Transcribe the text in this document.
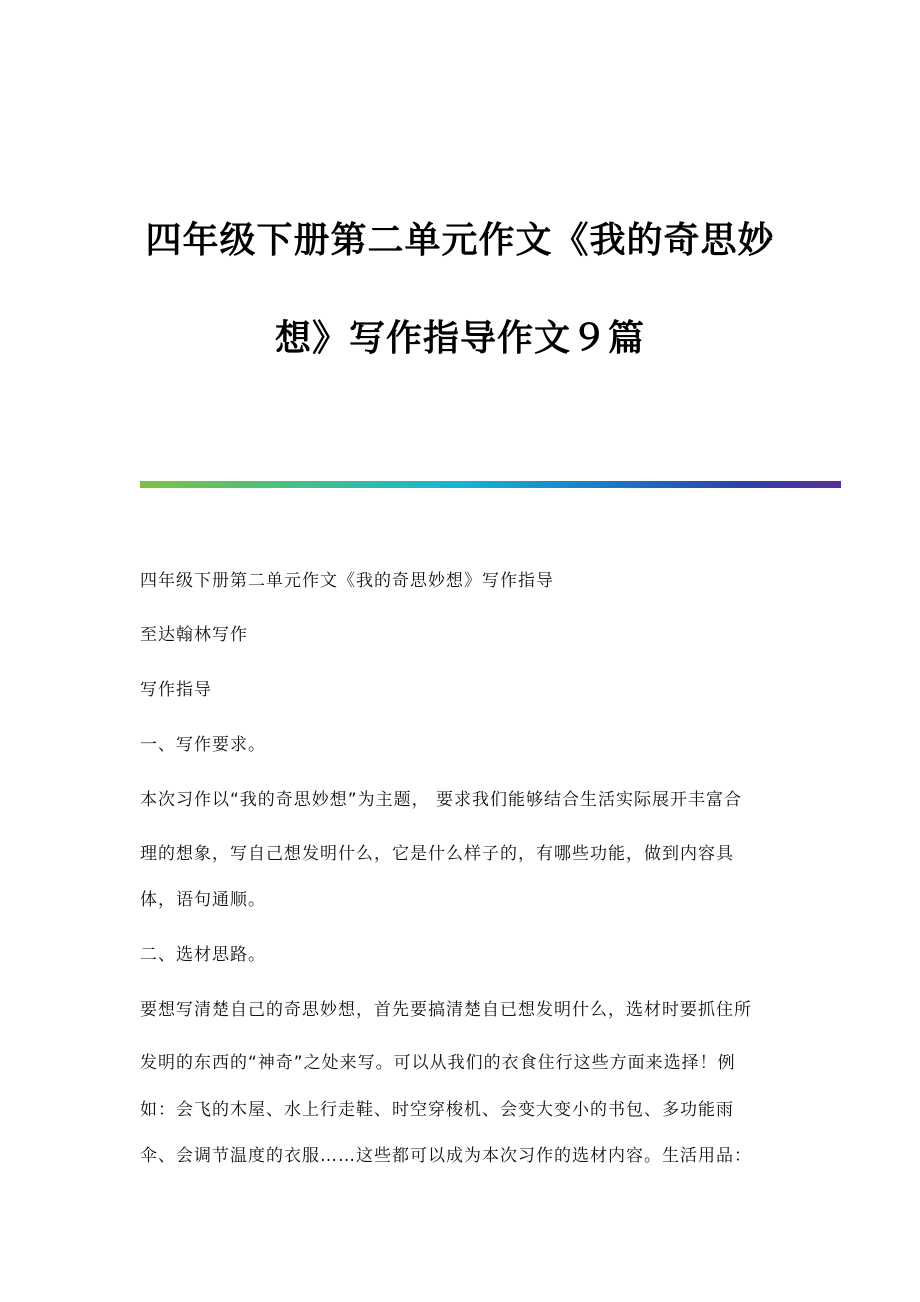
四年级下册第二单元作文《我的奇思妙
想》写作指导作文９篇
四年级下册第二单元作文《我的奇思妙想》写作指导
至达翰林写作
写作指导
一、写作要求。
本次习作以“我的奇思妙想”为主题， 要求我们能够结合生活实际展开丰富合
理的想象，写自己想发明什么，它是什么样子的，有哪些功能，做到内容具
体，语句通顺。
二、选材思路。
要想写清楚自己的奇思妙想，首先要搞清楚自已想发明什么，选材时要抓住所
发明的东西的“神奇”之处来写。可以从我们的衣食住行这些方面来选择！例
如：会飞的木屋、水上行走鞋、时空穿梭机、会变大变小的书包、多功能雨
伞、会调节温度的衣服……这些都可以成为本次习作的选材内容。生活用品：
